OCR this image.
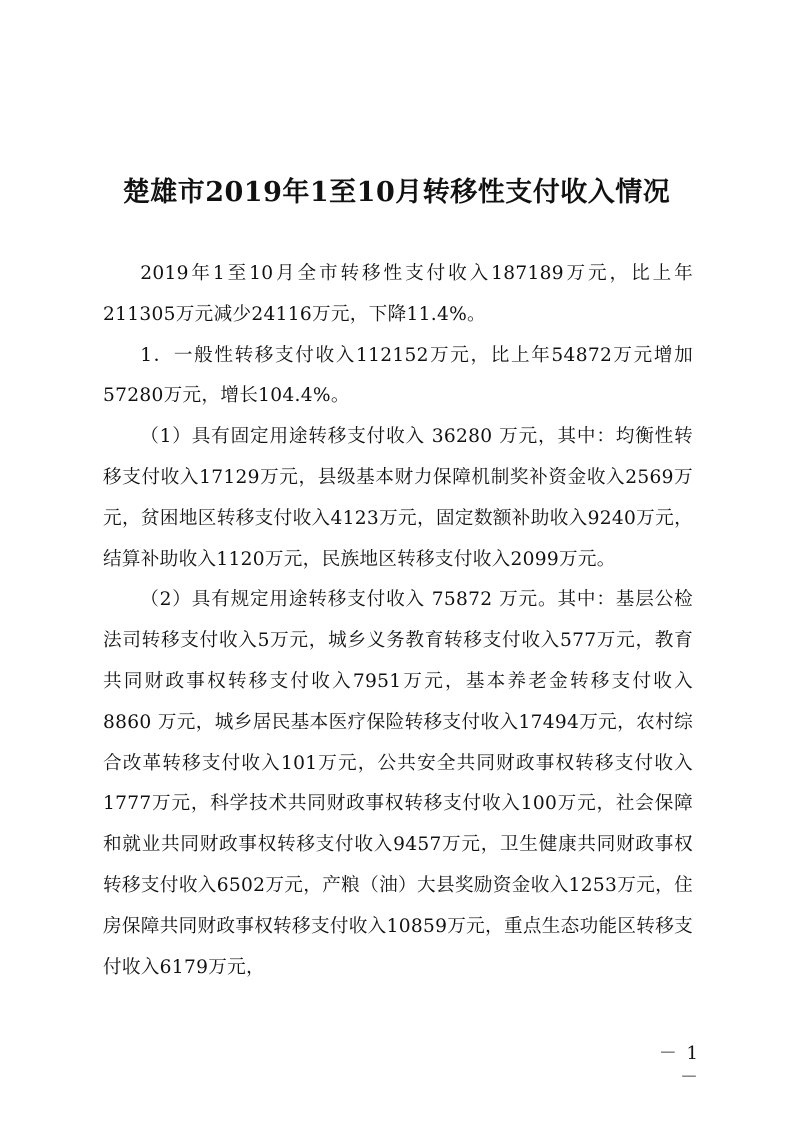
楚雄市2019年1至10月转移性支付收入情况

2019年1至10月全市转移性支付收入187189万元，比上年211305万元减少24116万元，下降11.4%。

1．一般性转移支付收入112152万元，比上年54872万元增加57280万元，增长104.4%。

（1）具有固定用途转移支付收入 36280 万元，其中：均衡性转移支付收入17129万元，县级基本财力保障机制奖补资金收入2569万元，贫困地区转移支付收入4123万元，固定数额补助收入9240万元，结算补助收入1120万元，民族地区转移支付收入2099万元。

（2）具有规定用途转移支付收入 75872 万元。其中：基层公检法司转移支付收入5万元，城乡义务教育转移支付收入577万元，教育共同财政事权转移支付收入7951万元，基本养老金转移支付收入 8860 万元，城乡居民基本医疗保险转移支付收入17494万元，农村综合改革转移支付收入101万元，公共安全共同财政事权转移支付收入1777万元，科学技术共同财政事权转移支付收入100万元，社会保障和就业共同财政事权转移支付收入9457万元，卫生健康共同财政事权转移支付收入6502万元，产粮（油）大县奖励资金收入1253万元，住房保障共同财政事权转移支付收入10859万元，重点生态功能区转移支付收入6179万元，

－ 1 －
